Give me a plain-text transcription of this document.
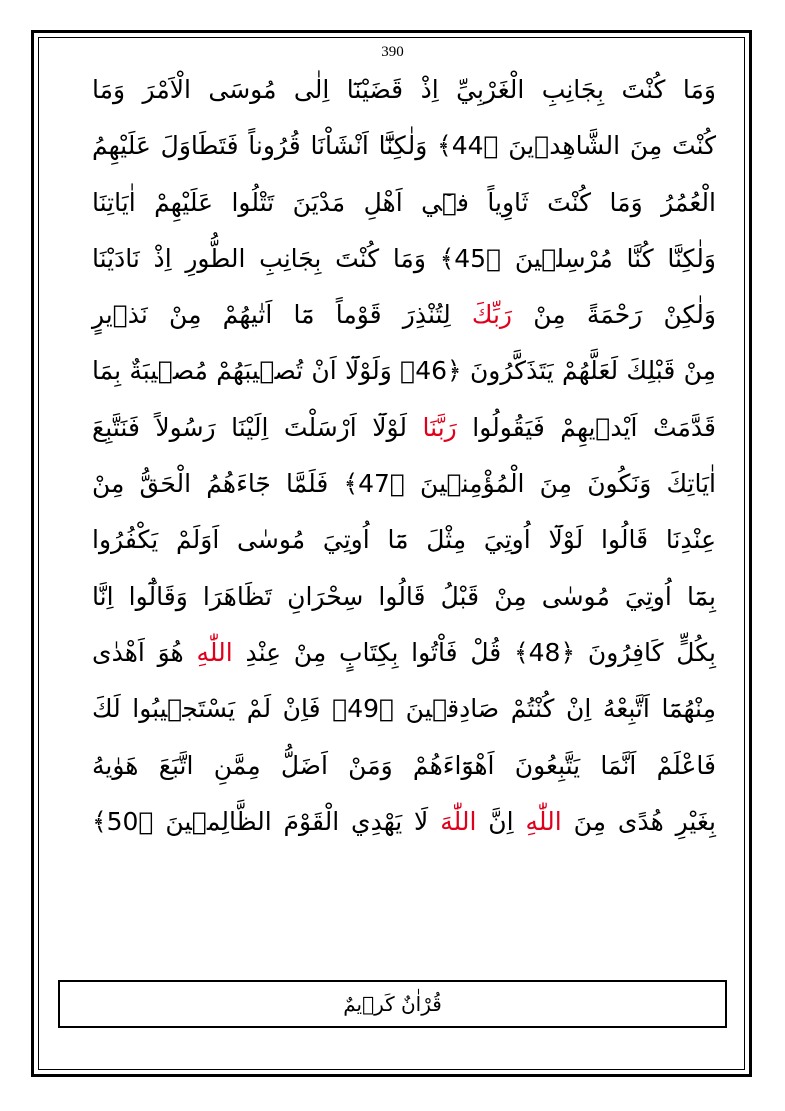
390
وَمَا كُنْتَ بِجَانِبِ الْغَرْبِيِّ اِذْ قَضَيْنَٓا اِلٰى مُوسَى الْاَمْرَ وَمَا
كُنْتَ مِنَ الشَّاهِدٖينَ ﴿44﴾ وَلٰكِنَّٓا اَنْشَاْنَا قُرُوناً فَتَطَاوَلَ عَلَيْهِمُ
الْعُمُرُ وَمَا كُنْتَ ثَاوِياً فٖٓي اَهْلِ مَدْيَنَ تَتْلُوا عَلَيْهِمْ اٰيَاتِنَا
وَلٰكِنَّا كُنَّا مُرْسِلٖينَ ﴿45﴾ وَمَا كُنْتَ بِجَانِبِ الطُّورِ اِذْ نَادَيْنَا
وَلٰكِنْ رَحْمَةً مِنْ رَبِّكَ لِتُنْذِرَ قَوْماً مَٓا اَتٰيهُمْ مِنْ نَذٖيرٍ
مِنْ قَبْلِكَ لَعَلَّهُمْ يَتَذَكَّرُونَ ﴿46﴾ وَلَوْلَٓا اَنْ تُصٖيبَهُمْ مُصٖيبَةٌ بِمَا
قَدَّمَتْ اَيْدٖيهِمْ فَيَقُولُوا رَبَّنَا لَوْلَٓا اَرْسَلْتَ اِلَيْنَا رَسُولاً فَنَتَّبِعَ
اٰيَاتِكَ وَنَكُونَ مِنَ الْمُؤْمِنٖينَ ﴿47﴾ فَلَمَّا جَٓاءَهُمُ الْحَقُّ مِنْ
عِنْدِنَا قَالُوا لَوْلَٓا اُوتِيَ مِثْلَ مَٓا اُوتِيَ مُوسٰى اَوَلَمْ يَكْفُرُوا
بِمَٓا اُوتِيَ مُوسٰى مِنْ قَبْلُ قَالُوا سِحْرَانِ تَظَاهَرَا وَقَالُٓوا اِنَّا
بِكُلٍّ كَافِرُونَ ﴿48﴾ قُلْ فَاْتُوا بِكِتَابٍ مِنْ عِنْدِ اللّٰهِ هُوَ اَهْدٰى
مِنْهُمَٓا اَتَّبِعْهُ اِنْ كُنْتُمْ صَادِقٖينَ ﴿49﴾ فَاِنْ لَمْ يَسْتَجٖيبُوا لَكَ
فَاعْلَمْ اَنَّمَا يَتَّبِعُونَ اَهْوَٓاءَهُمْ وَمَنْ اَضَلُّ مِمَّنِ اتَّبَعَ هَوٰيهُ
بِغَيْرِ هُدًى مِنَ اللّٰهِ اِنَّ اللّٰهَ لَا يَهْدِي الْقَوْمَ الظَّالِمٖينَ ﴿50﴾
قُرْاٰنٌ كَرٖيمٌ
